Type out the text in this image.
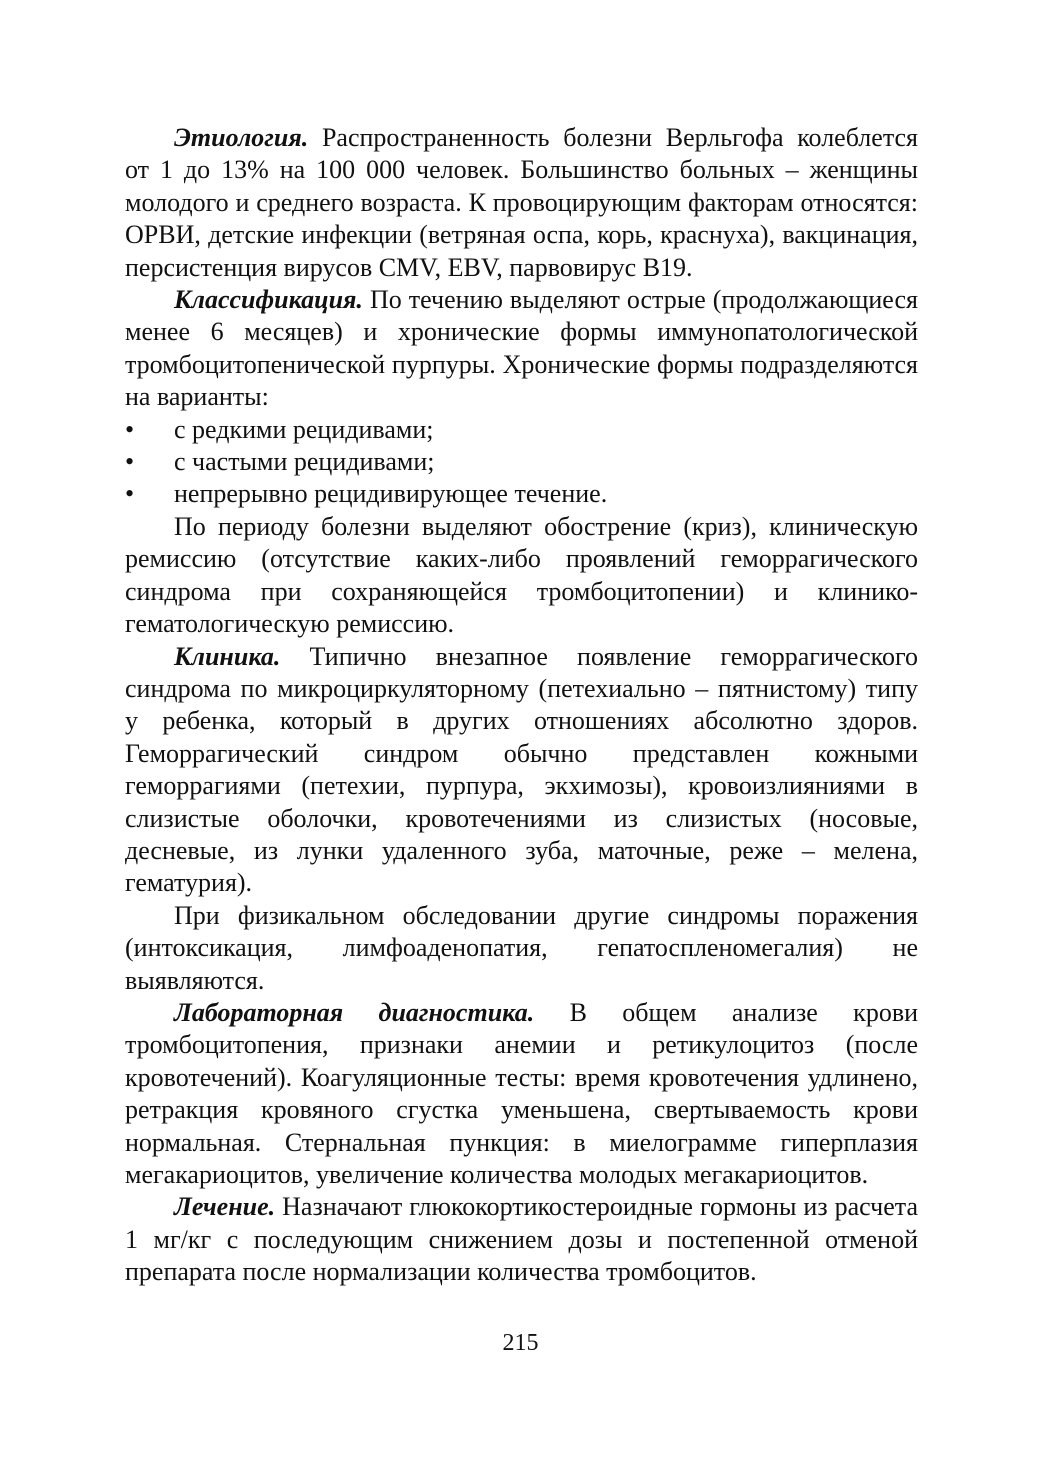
Этиология. Распространенность болезни Верльгофа колеблется от 1 до 13% на 100 000 человек. Большинство больных – женщины молодого и среднего возраста. К провоцирующим факторам относятся: ОРВИ, детские инфекции (ветряная оспа, корь, краснуха), вакцинация, персистенция вирусов CMV, EBV, парвовирус B19.

Классификация. По течению выделяют острые (продолжающиеся менее 6 месяцев) и хронические формы иммунопатологической тромбоцитопенической пурпуры. Хронические формы подразделяются на варианты:

• с редкими рецидивами;
• с частыми рецидивами;
• непрерывно рецидивирующее течение.

По периоду болезни выделяют обострение (криз), клиническую ремиссию (отсутствие каких-либо проявлений геморрагического синдрома при сохраняющейся тромбоцитопении) и клинико-гематологическую ремиссию.

Клиника. Типично внезапное появление геморрагического синдрома по микроциркуляторному (петехиально – пятнистому) типу у ребенка, который в других отношениях абсолютно здоров. Геморрагический синдром обычно представлен кожными геморрагиями (петехии, пурпура, экхимозы), кровоизлияниями в слизистые оболочки, кровотечениями из слизистых (носовые, десневые, из лунки удаленного зуба, маточные, реже – мелена, гематурия).

При физикальном обследовании другие синдромы поражения (интоксикация, лимфоаденопатия, гепатоспленомегалия) не выявляются.

Лабораторная диагностика. В общем анализе крови тромбоцитопения, признаки анемии и ретикулоцитоз (после кровотечений). Коагуляционные тесты: время кровотечения удлинено, ретракция кровяного сгустка уменьшена, свертываемость крови нормальная. Стернальная пункция: в миелограмме гиперплазия мегакариоцитов, увеличение количества молодых мегакариоцитов.

Лечение. Назначают глюкокортикостероидные гормоны из расчета 1 мг/кг с последующим снижением дозы и постепенной отменой препарата после нормализации количества тромбоцитов.

215
